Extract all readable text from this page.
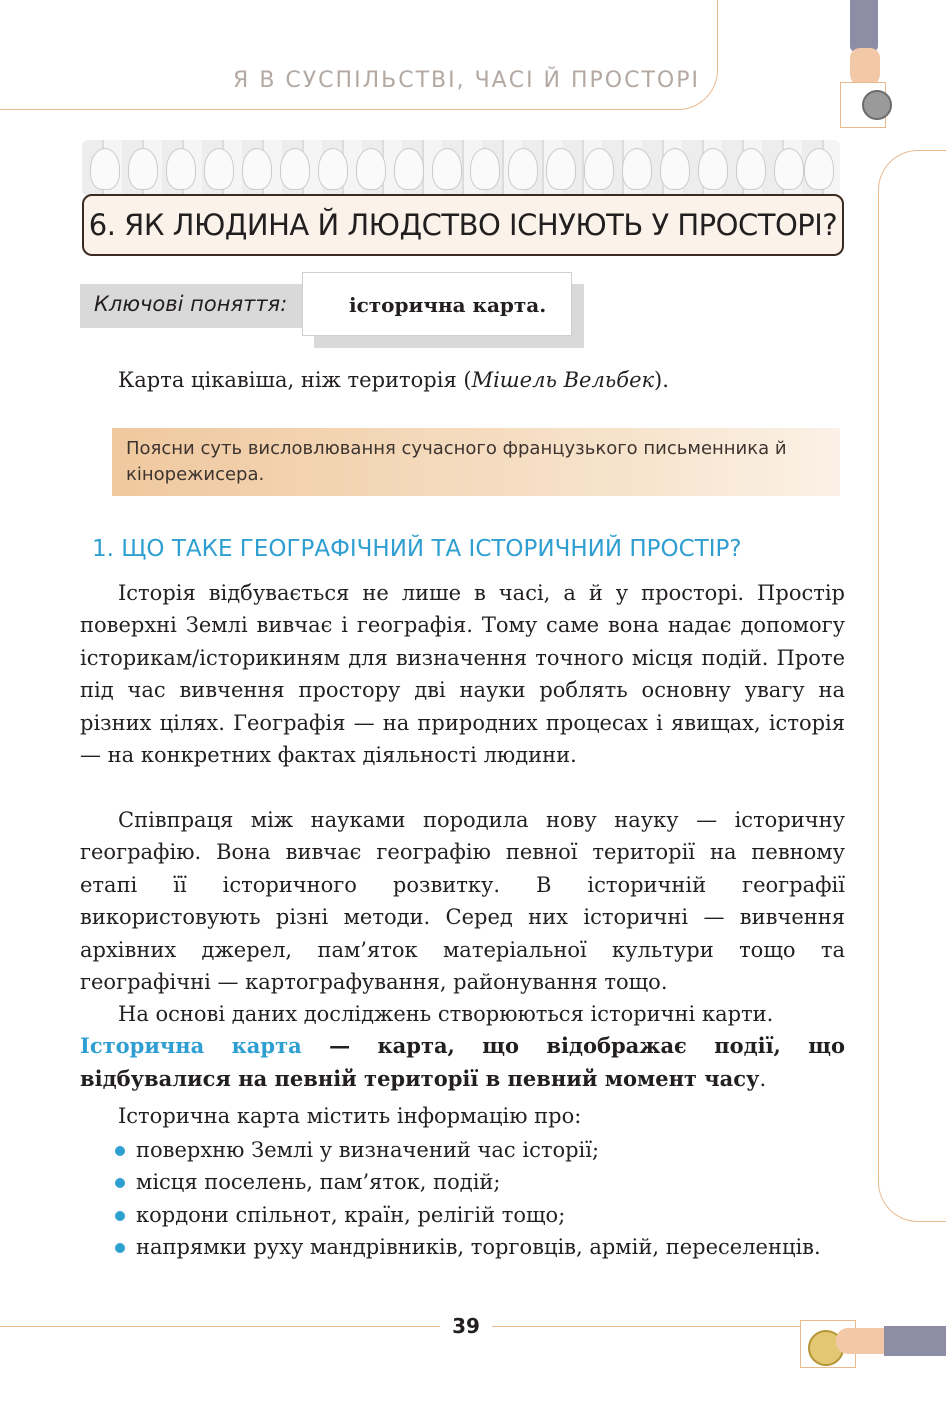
Я В СУСПІЛЬСТВІ, ЧАСІ Й ПРОСТОРІ
6. ЯК ЛЮДИНА Й ЛЮДСТВО ІСНУЮТЬ У ПРОСТОРІ?
Ключові поняття:	історична карта.
Карта цікавіша, ніж територія (Мішель Вельбек).
Поясни суть висловлювання сучасного французького письменника й кінорежисера.
1. ЩО ТАКЕ ГЕОГРАФІЧНИЙ ТА ІСТОРИЧНИЙ ПРОСТІР?
Історія відбувається не лише в часі, а й у просторі. Простір поверхні Землі вивчає і географія. Тому саме вона надає допомогу історикам/історикиням для визначення точного місця подій. Проте під час вивчення простору дві науки роблять основну увагу на різних цілях. Географія — на природних процесах і явищах, історія — на конкретних фактах діяльності людини.
Співпраця між науками породила нову науку — історичну географію. Вона вивчає географію певної території на певному етапі її історичного розвитку. В історичній географії використовують різні методи. Серед них історичні — вивчення архівних джерел, пам’яток матеріальної культури тощо та географічні — картографування, районування тощо.
На основі даних досліджень створюються історичні карти.
Історична карта — карта, що відображає події, що відбувалися на певній території в певний момент часу.
Історична карта містить інформацію про:
поверхню Землі у визначений час історії;
місця поселень, пам’яток, подій;
кордони спільнот, країн, релігій тощо;
напрямки руху мандрівників, торговців, армій, переселенців.
39
